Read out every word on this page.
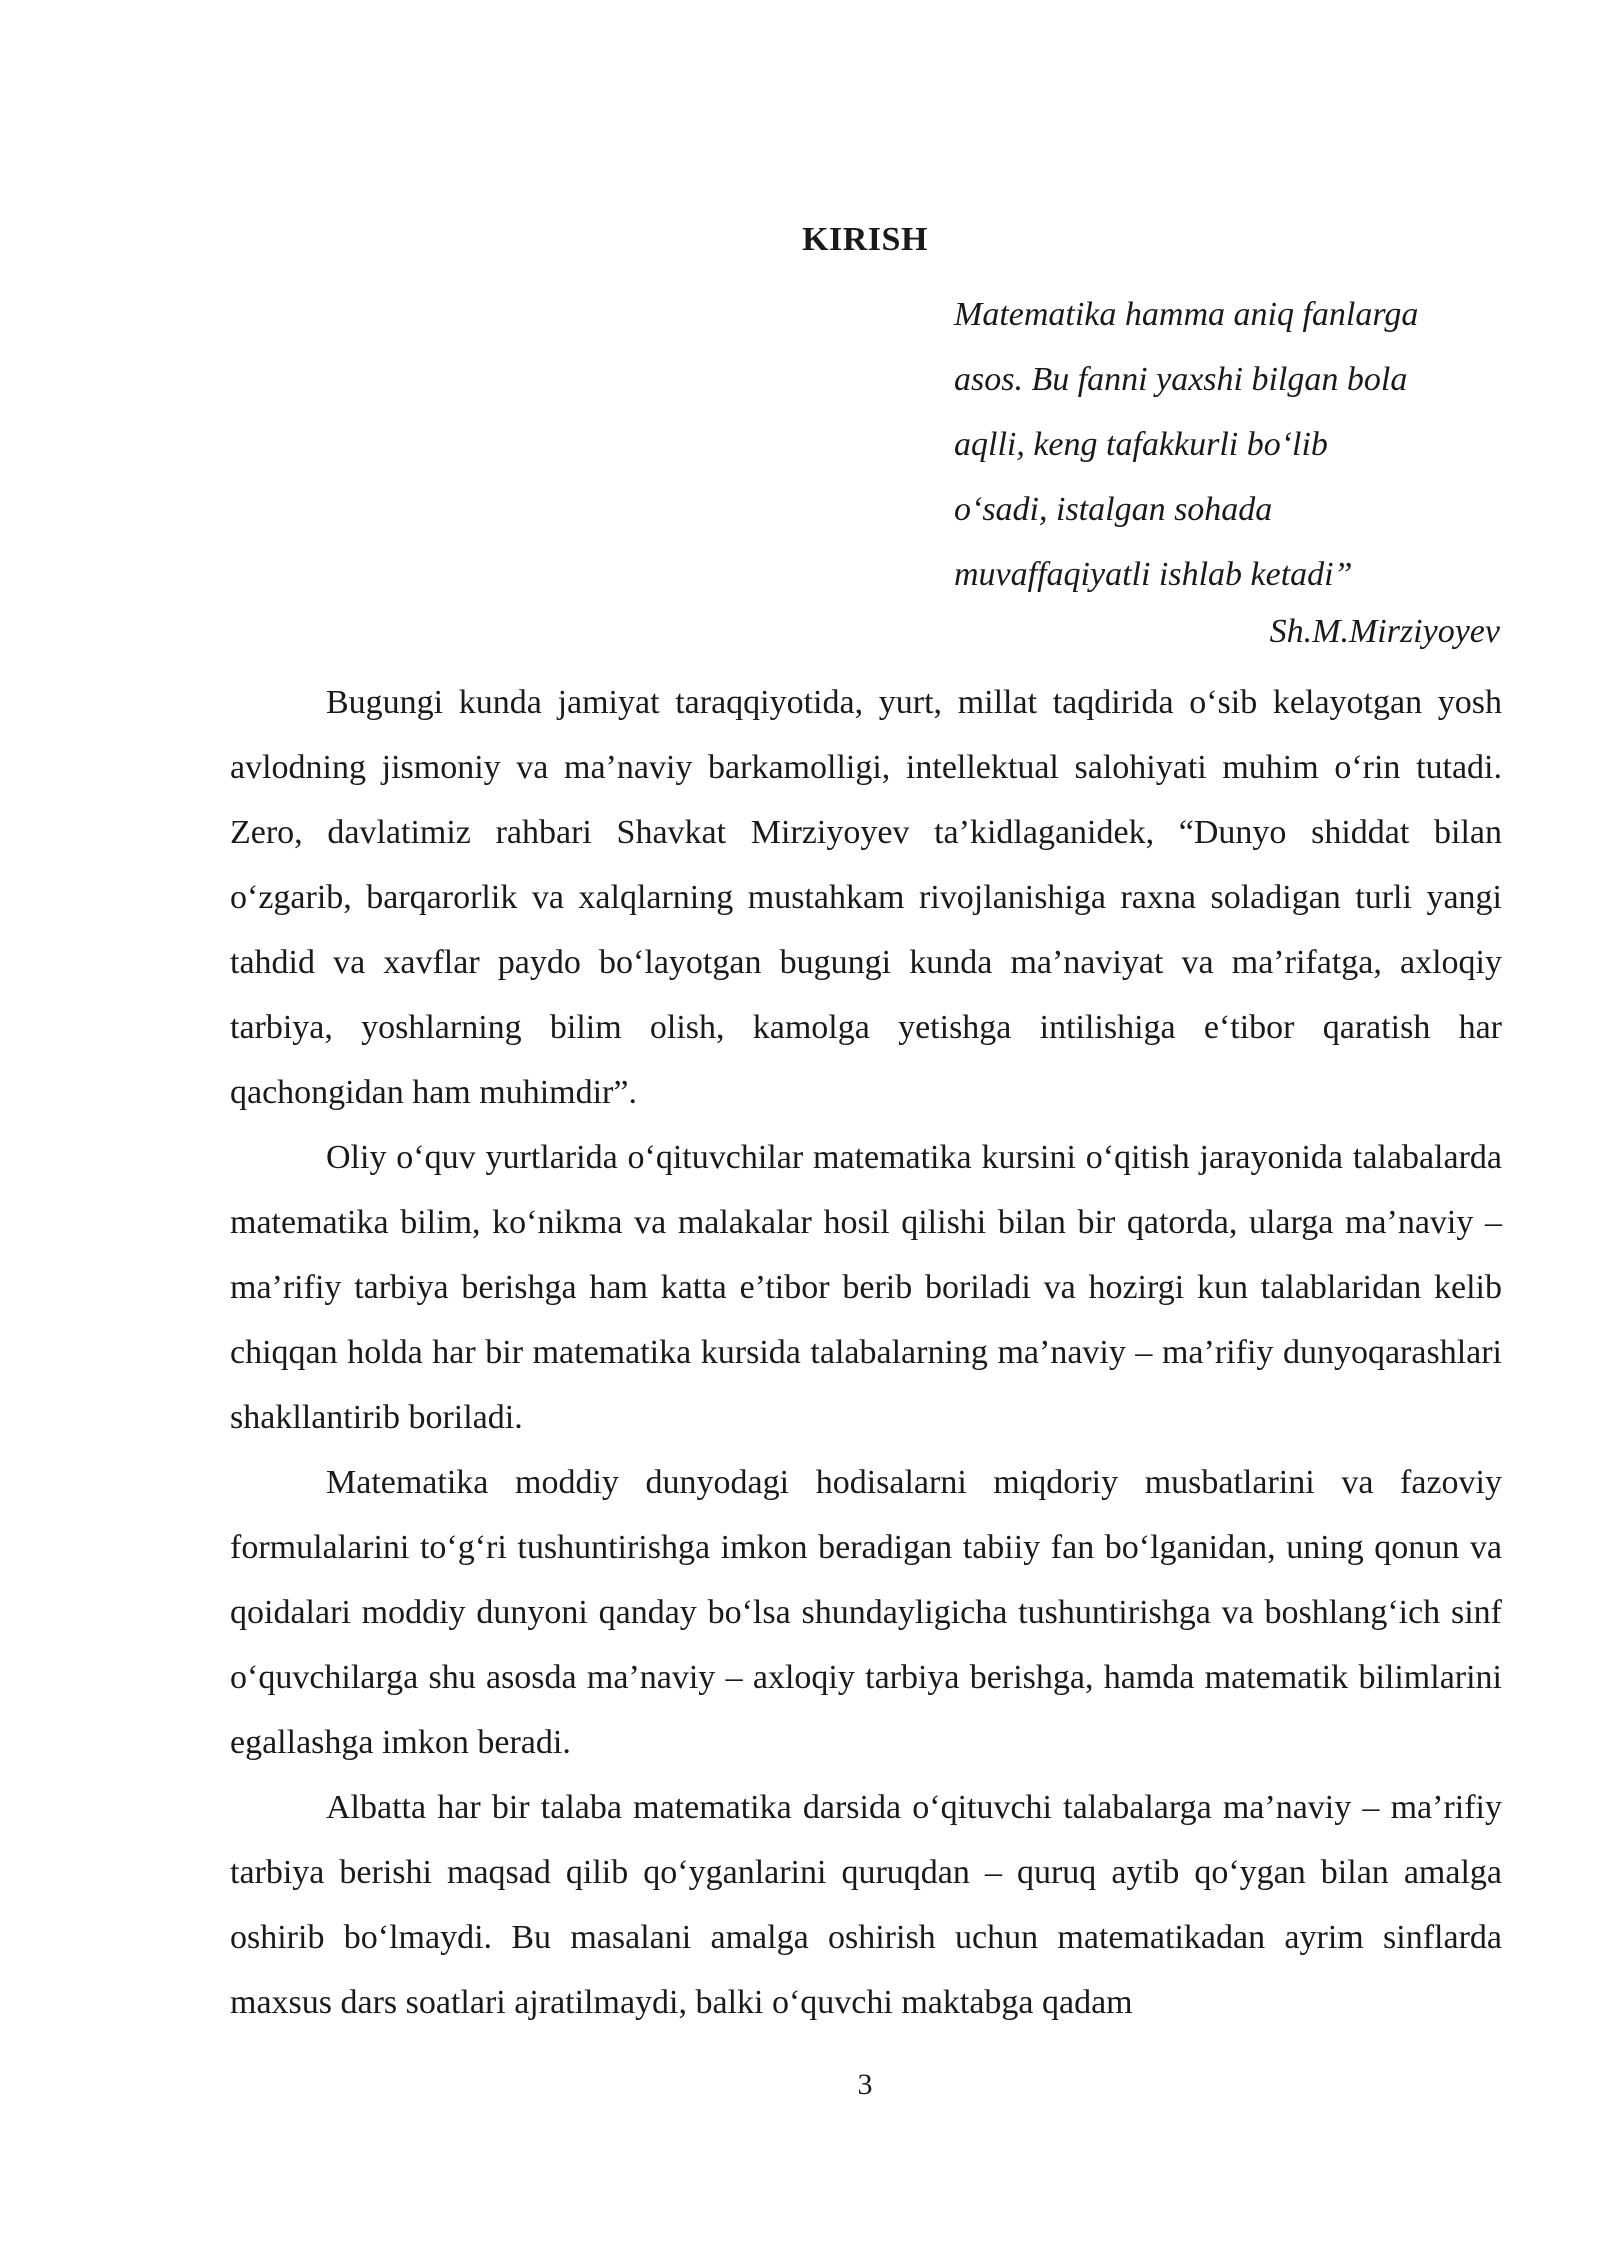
KIRISH
Matematika hamma aniq fanlarga
asos. Bu fanni yaxshi bilgan bola
aqlli, keng tafakkurli bo‘lib
o‘sadi, istalgan sohada
muvaffaqiyatli ishlab ketadi”
Sh.M.Mirziyoyev

Bugungi kunda jamiyat taraqqiyotida, yurt, millat taqdirida o‘sib kelayotgan yosh avlodning jismoniy va ma’naviy barkamolligi, intellektual salohiyati muhim o‘rin tutadi. Zero, davlatimiz rahbari Shavkat Mirziyoyev ta’kidlaganidek, “Dunyo shiddat bilan o‘zgarib, barqarorlik va xalqlarning mustahkam rivojlanishiga raxna soladigan turli yangi tahdid va xavflar paydo bo‘layotgan bugungi kunda ma’naviyat va ma’rifatga, axloqiy tarbiya, yoshlarning bilim olish, kamolga yetishga intilishiga e‘tibor qaratish har qachongidan ham muhimdir”.

Oliy o‘quv yurtlarida o‘qituvchilar matematika kursini o‘qitish jarayonida talabalarda matematika bilim, ko‘nikma va malakalar hosil qilishi bilan bir qatorda, ularga ma’naviy – ma’rifiy tarbiya berishga ham katta e’tibor berib boriladi va hozirgi kun talablaridan kelib chiqqan holda har bir matematika kursida talabalarning ma’naviy – ma’rifiy dunyoqarashlari shakllantirib boriladi.

Matematika moddiy dunyodagi hodisalarni miqdoriy musbatlarini va fazoviy formulalarini to‘g‘ri tushuntirishga imkon beradigan tabiiy fan bo‘lganidan, uning qonun va qoidalari moddiy dunyoni qanday bo‘lsa shundayligicha tushuntirishga va boshlang‘ich sinf o‘quvchilarga shu asosda ma’naviy – axloqiy tarbiya berishga, hamda matematik bilimlarini egallashga imkon beradi.

Albatta har bir talaba matematika darsida o‘qituvchi talabalarga ma’naviy – ma’rifiy tarbiya berishi maqsad qilib qo‘yganlarini quruqdan – quruq aytib qo‘ygan bilan amalga oshirib bo‘lmaydi. Bu masalani amalga oshirish uchun matematikadan ayrim sinflarda maxsus dars soatlari ajratilmaydi, balki o‘quvchi maktabga qadam

3
